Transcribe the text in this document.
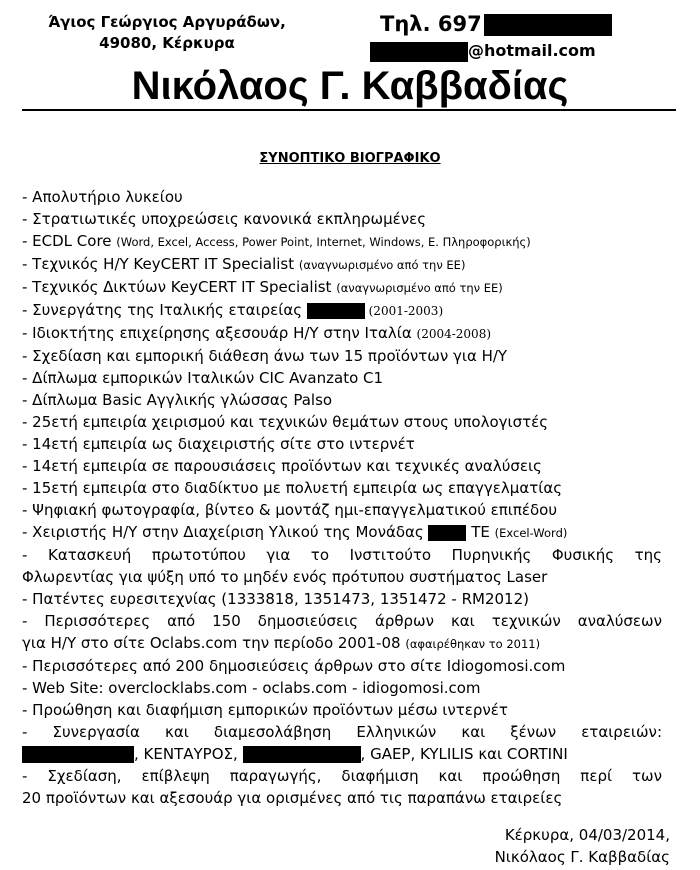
Άγιος Γεώργιος Αργυράδων,
49080, Κέρκυρα
Τηλ. 697
@hotmail.com
Νικόλαος Γ. Καββαδίας
ΣΥΝΟΠΤΙΚΟ ΒΙΟΓΡΑΦΙΚΟ
- Απολυτήριο λυκείου
- Στρατιωτικές υποχρεώσεις κανονικά εκπληρωμένες
- ECDL Core (Word, Excel, Access, Power Point, Internet, Windows, Ε. Πληροφορικής)
- Τεχνικός Η/Υ KeyCERT IT Specialist (αναγνωρισμένο από την ΕΕ)
- Τεχνικός Δικτύων KeyCERT IT Specialist (αναγνωρισμένο από την ΕΕ)
- Συνεργάτης της Ιταλικής εταιρείας	(2001-2003)
- Ιδιοκτήτης επιχείρησης αξεσουάρ Η/Υ στην Ιταλία (2004-2008)
- Σχεδίαση και εμπορική διάθεση άνω των 15 προϊόντων για Η/Υ
- Δίπλωμα εμπορικών Ιταλικών CIC Avanzato C1
- Δίπλωμα Basic Αγγλικής γλώσσας Palso
- 25ετή εμπειρία χειρισμού και τεχνικών θεμάτων στους υπολογιστές
- 14ετή εμπειρία ως διαχειριστής σίτε στο ιντερνέτ
- 14ετή εμπειρία σε παρουσιάσεις προϊόντων και τεχνικές αναλύσεις
- 15ετή εμπειρία στο διαδίκτυο με πολυετή εμπειρία ως επαγγελματίας
- Ψηφιακή φωτογραφία, βίντεο & μοντάζ ημι-επαγγελματικού επιπέδου
- Χειριστής Η/Υ στην Διαχείριση Υλικού της Μονάδας	ΤΕ (Excel-Word)
- Κατασκευή πρωτοτύπου για το Ινστιτούτο Πυρηνικής Φυσικής της
Φλωρεντίας για ψύξη υπό το μηδέν ενός πρότυπου συστήματος Laser
- Πατέντες ευρεσιτεχνίας (1333818, 1351473, 1351472 - RM2012)
- Περισσότερες από 150 δημοσιεύσεις άρθρων και τεχνικών αναλύσεων
για Η/Υ στο σίτε Oclabs.com την περίοδο 2001-08 (αφαιρέθηκαν το 2011)
- Περισσότερες από 200 δημοσιεύσεις άρθρων στο σίτε Idiogomosi.com
- Web Site: overclocklabs.com - oclabs.com - idiogomosi.com
- Προώθηση και διαφήμιση εμπορικών προϊόντων μέσω ιντερνέτ
- Συνεργασία και διαμεσολάβηση Ελληνικών και ξένων εταιρειών:
, ΚΕΝΤΑΥΡΟΣ,	, GAEP, KYLILIS και CORTINI
- Σχεδίαση, επίβλεψη παραγωγής, διαφήμιση και προώθηση περί των
20 προϊόντων και αξεσουάρ για ορισμένες από τις παραπάνω εταιρείες
Κέρκυρα, 04/03/2014,
Νικόλαος Γ. Καββαδίας
